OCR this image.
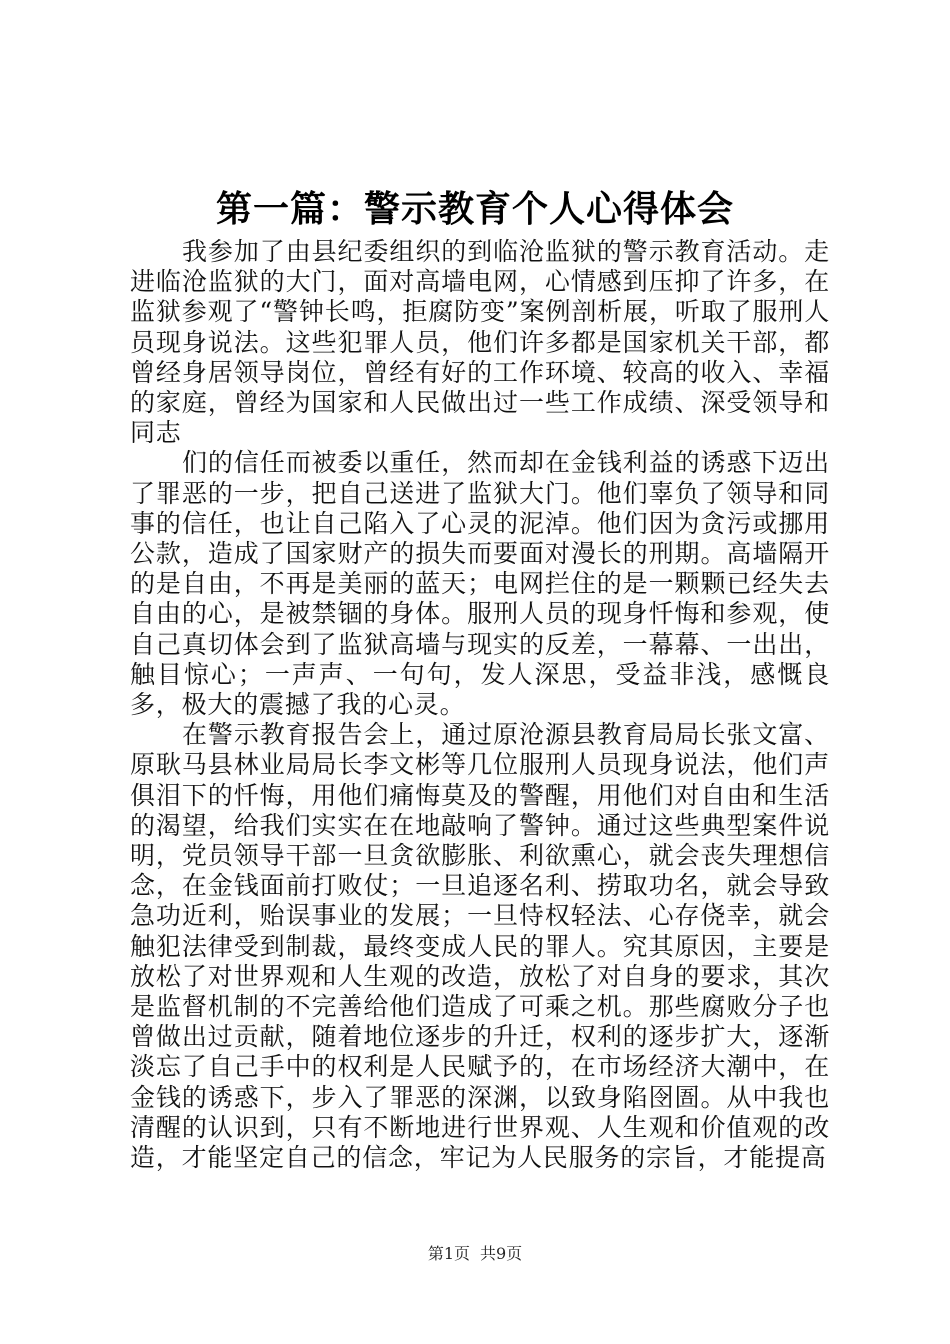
第一篇：警示教育个人心得体会

我参加了由县纪委组织的到临沧监狱的警示教育活动。走进临沧监狱的大门，面对高墙电网，心情感到压抑了许多，在监狱参观了“警钟长鸣，拒腐防变”案例剖析展，听取了服刑人员现身说法。这些犯罪人员，他们许多都是国家机关干部，都曾经身居领导岗位，曾经有好的工作环境、较高的收入、幸福的家庭，曾经为国家和人民做出过一些工作成绩、深受领导和同志

们的信任而被委以重任，然而却在金钱利益的诱惑下迈出了罪恶的一步，把自己送进了监狱大门。他们辜负了领导和同事的信任，也让自己陷入了心灵的泥淖。他们因为贪污或挪用公款，造成了国家财产的损失而要面对漫长的刑期。高墙隔开的是自由，不再是美丽的蓝天；电网拦住的是一颗颗已经失去自由的心，是被禁锢的身体。服刑人员的现身忏悔和参观，使自己真切体会到了监狱高墙与现实的反差，一幕幕、一出出，触目惊心；一声声、一句句，发人深思，受益非浅，感慨良多，极大的震撼了我的心灵。

在警示教育报告会上，通过原沧源县教育局局长张文富、原耿马县林业局局长李文彬等几位服刑人员现身说法，他们声俱泪下的忏悔，用他们痛悔莫及的警醒，用他们对自由和生活的渴望，给我们实实在在地敲响了警钟。通过这些典型案件说明，党员领导干部一旦贪欲膨胀、利欲熏心，就会丧失理想信念，在金钱面前打败仗；一旦追逐名利、捞取功名，就会导致急功近利，贻误事业的发展；一旦恃权轻法、心存侥幸，就会触犯法律受到制裁，最终变成人民的罪人。究其原因，主要是放松了对世界观和人生观的改造，放松了对自身的要求，其次是监督机制的不完善给他们造成了可乘之机。那些腐败分子也曾做出过贡献，随着地位逐步的升迁，权利的逐步扩大，逐渐淡忘了自己手中的权利是人民赋予的，在市场经济大潮中，在金钱的诱惑下，步入了罪恶的深渊，以致身陷囹圄。从中我也清醒的认识到，只有不断地进行世界观、人生观和价值观的改造，才能坚定自己的信念，牢记为人民服务的宗旨，才能提高

第1页 共9页
